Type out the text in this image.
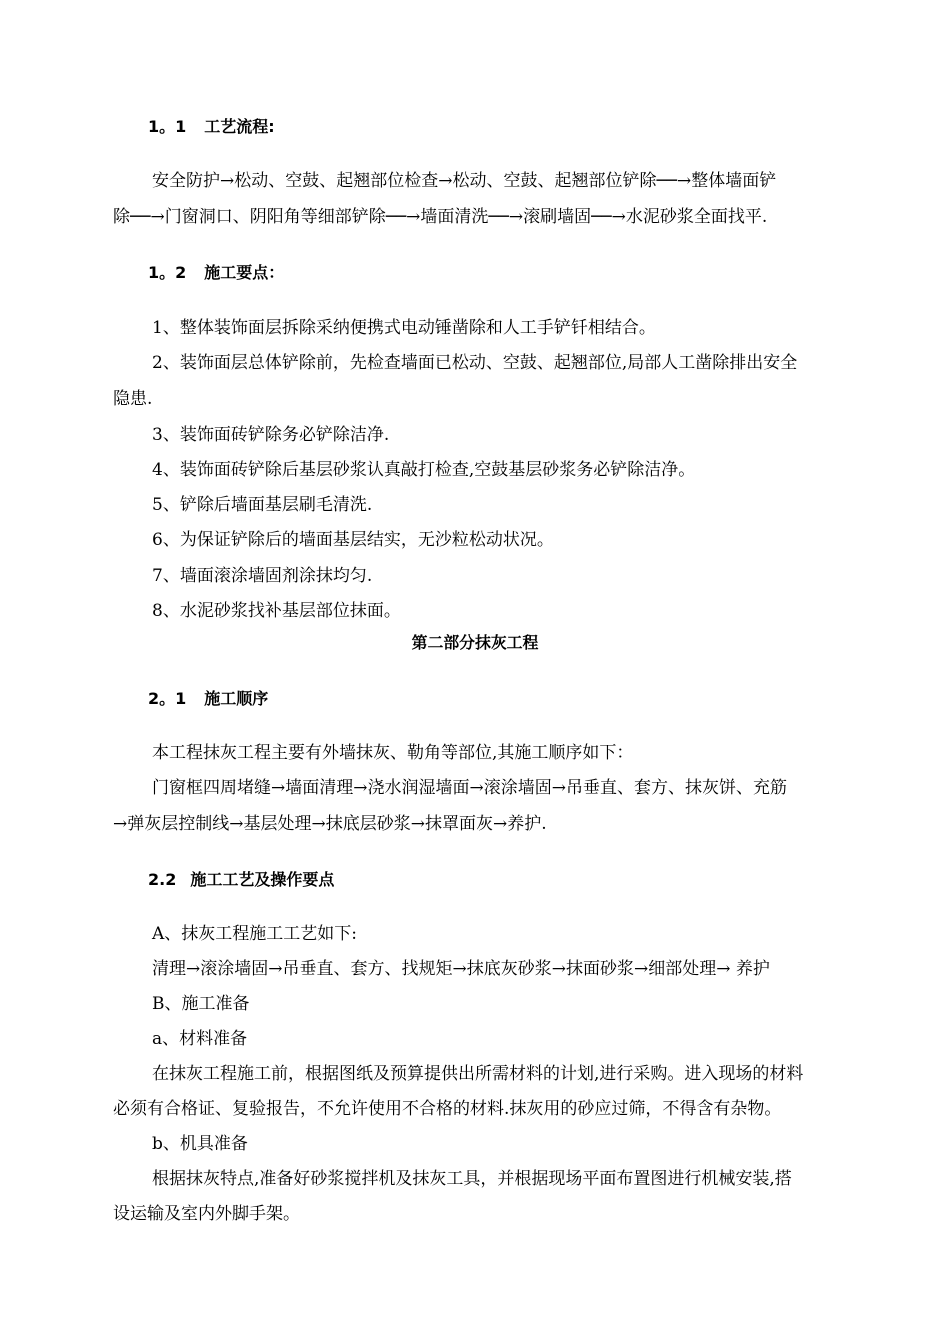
1。1 工艺流程:
安全防护→松动、空鼓、起翘部位检查→松动、空鼓、起翘部位铲除──→整体墙面铲
除──→门窗洞口、阴阳角等细部铲除──→墙面清洗──→滚刷墙固──→水泥砂浆全面找平.
1。2 施工要点：
1、整体装饰面层拆除采纳便携式电动锤凿除和人工手铲钎相结合。
2、装饰面层总体铲除前，先检查墙面已松动、空鼓、起翘部位,局部人工凿除排出安全
隐患.
3、装饰面砖铲除务必铲除洁净.
4、装饰面砖铲除后基层砂浆认真敲打检查,空鼓基层砂浆务必铲除洁净。
5、铲除后墙面基层刷毛清洗.
6、为保证铲除后的墙面基层结实，无沙粒松动状况。
7、墙面滚涂墙固剂涂抹均匀.
8、水泥砂浆找补基层部位抹面。
第二部分抹灰工程
2。1 施工顺序
本工程抹灰工程主要有外墙抹灰、勒角等部位,其施工顺序如下：
门窗框四周堵缝→墙面清理→浇水润湿墙面→滚涂墙固→吊垂直、套方、抹灰饼、充筋
→弹灰层控制线→基层处理→抹底层砂浆→抹罩面灰→养护.
2.2 施工工艺及操作要点
A、抹灰工程施工工艺如下:
清理→滚涂墙固→吊垂直、套方、找规矩→抹底灰砂浆→抹面砂浆→细部处理→ 养护
B、施工准备
a、材料准备
在抹灰工程施工前，根据图纸及预算提供出所需材料的计划,进行采购。进入现场的材料
必须有合格证、复验报告，不允许使用不合格的材料.抹灰用的砂应过筛，不得含有杂物。
b、机具准备
根据抹灰特点,准备好砂浆搅拌机及抹灰工具，并根据现场平面布置图进行机械安装,搭
设运输及室内外脚手架。
